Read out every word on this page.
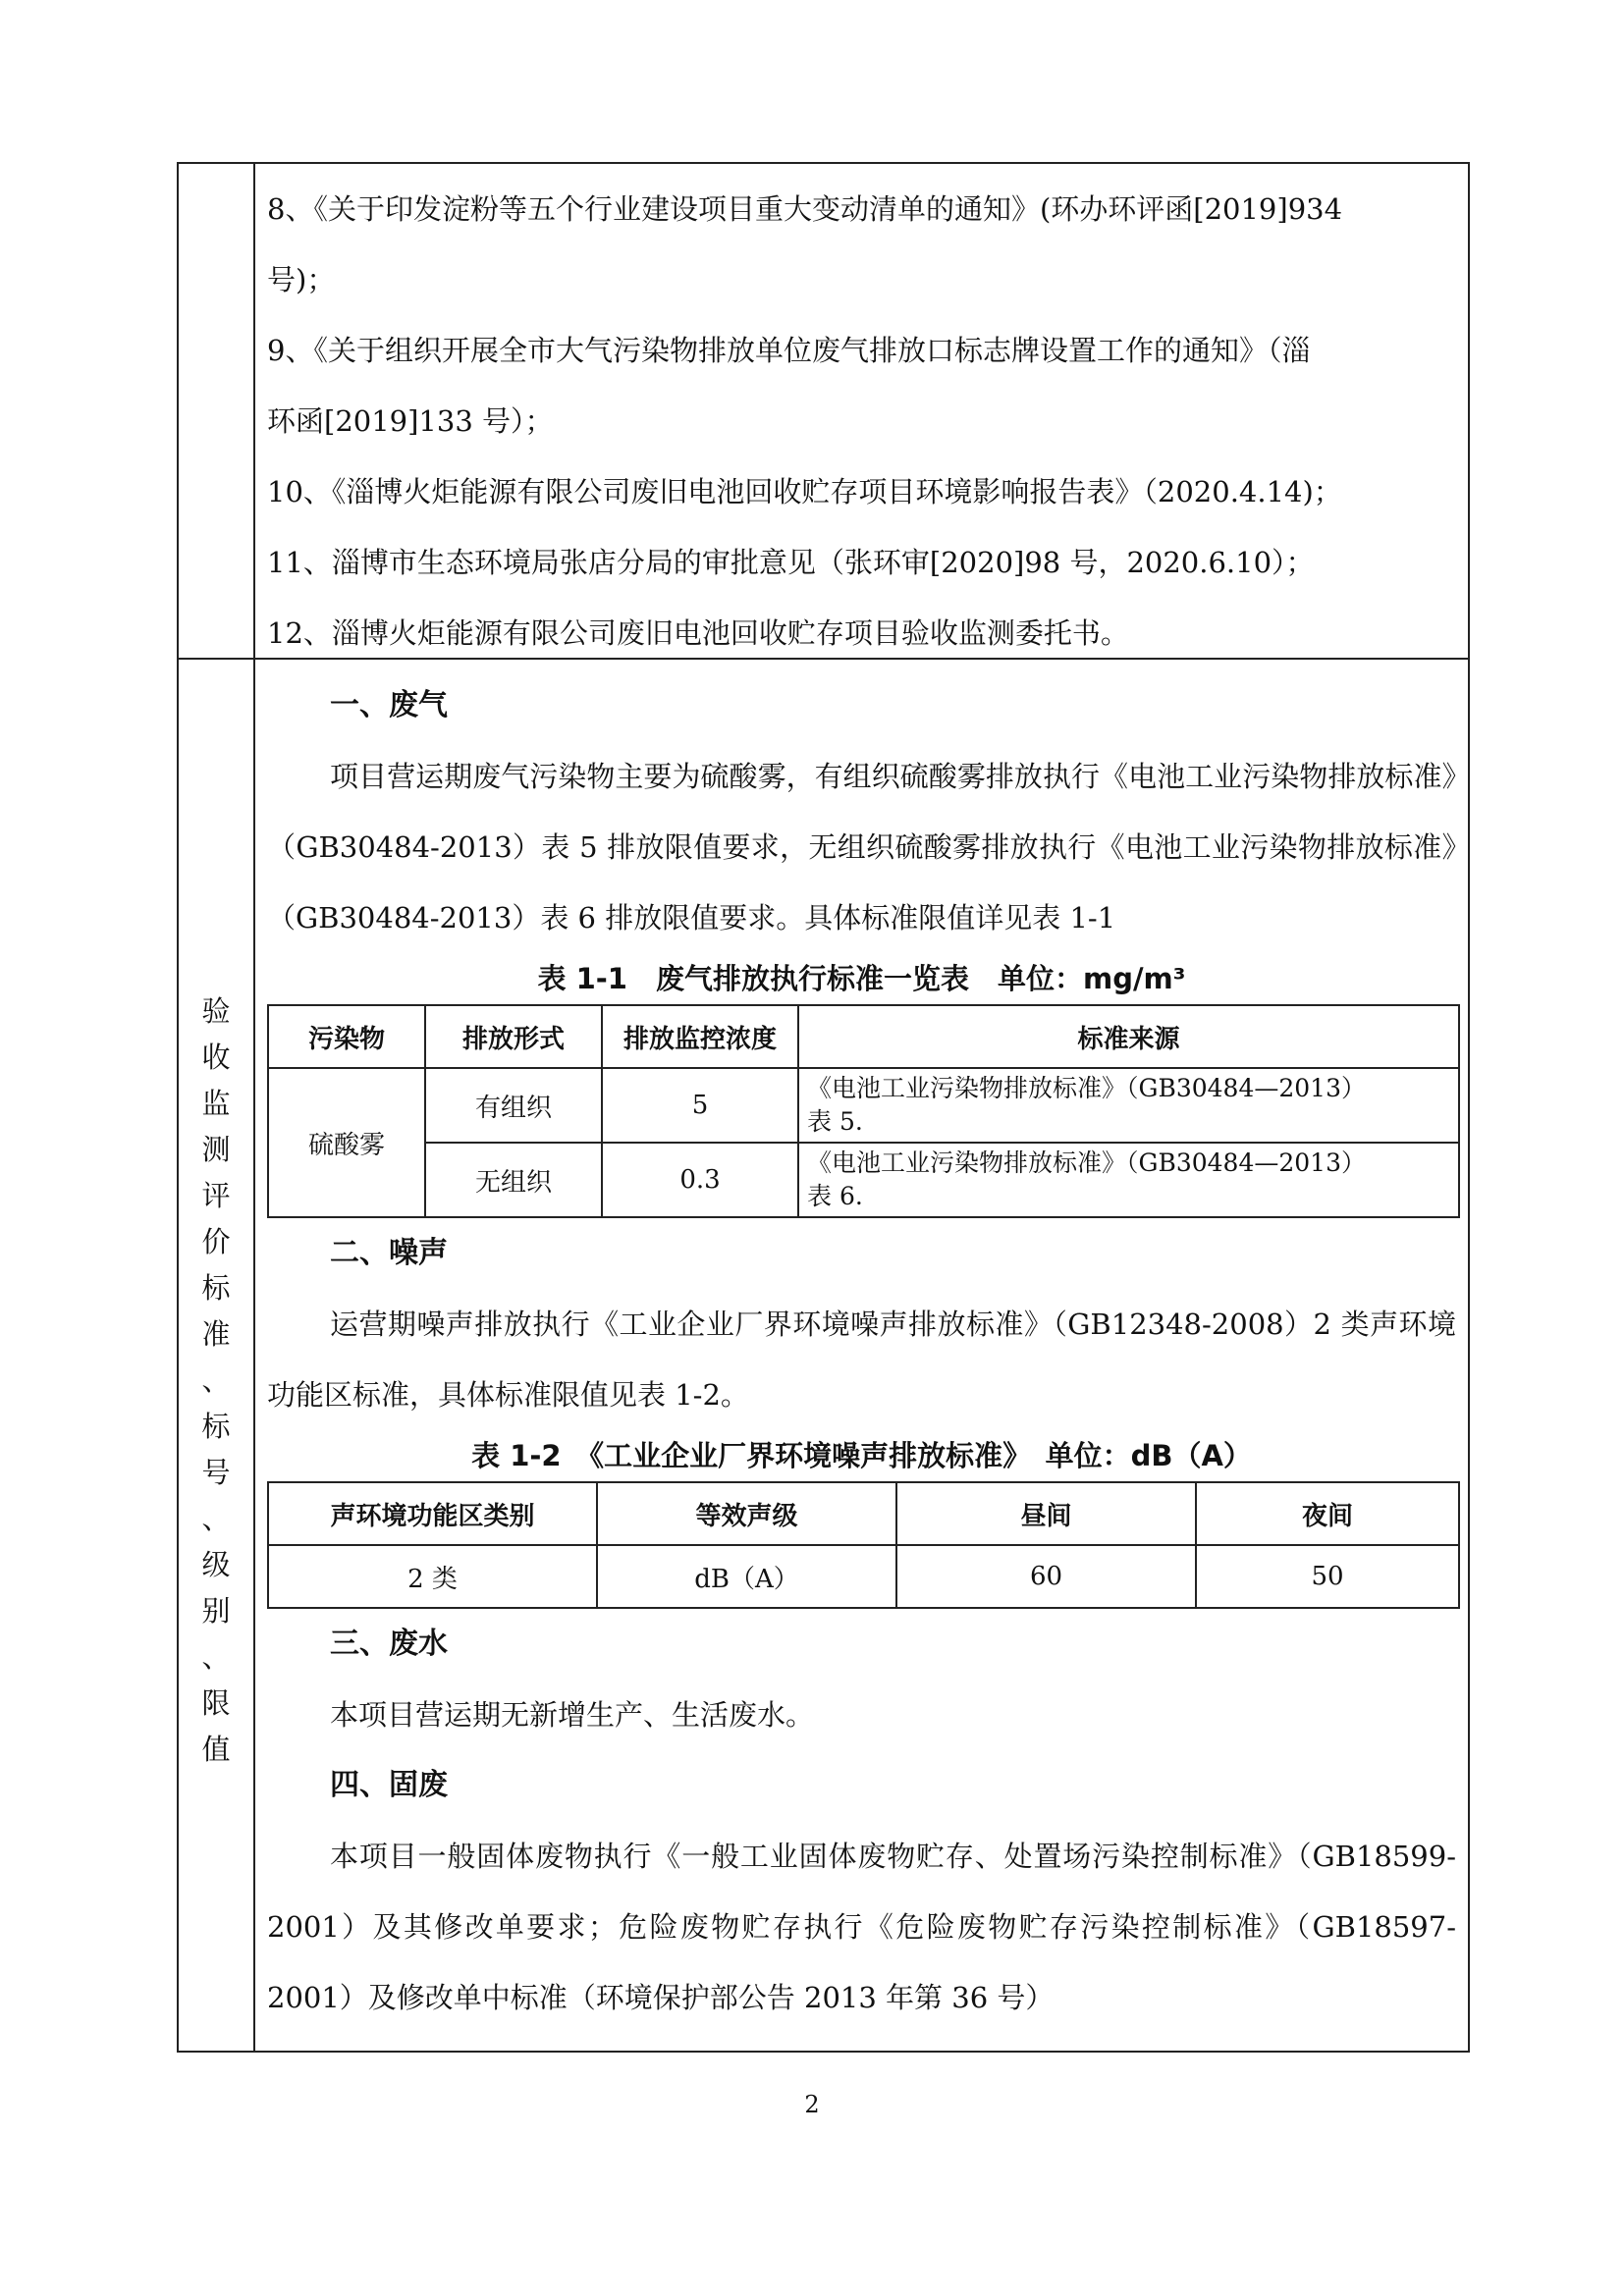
8、《关于印发淀粉等五个行业建设项目重大变动清单的通知》(环办环评函[2019]934

号)；

9、《关于组织开展全市大气污染物排放单位废气排放口标志牌设置工作的通知》（淄

环函[2019]133 号）；

10、《淄博火炬能源有限公司废旧电池回收贮存项目环境影响报告表》（2020.4.14)；

11、淄博市生态环境局张店分局的审批意见（张环审[2020]98 号，2020.6.10）；

12、淄博火炬能源有限公司废旧电池回收贮存项目验收监测委托书。

验
收
监
测
评
价
标
准
、
标
号
、
级
别
、
限
值

一、废气

项目营运期废气污染物主要为硫酸雾，有组织硫酸雾排放执行《电池工业污染物排放标准》（GB30484-2013）表 5 排放限值要求，无组织硫酸雾排放执行《电池工业污染物排放标准》（GB30484-2013）表 6 排放限值要求。具体标准限值详见表 1-1

表 1-1　废气排放执行标准一览表　单位：mg/m³

污染物	排放形式	排放监控浓度	标准来源
硫酸雾	有组织	5	《电池工业污染物排放标准》（GB30484—2013）
表 5.

	无组织	0.3	《电池工业污染物排放标准》（GB30484—2013）
表 6.

二、噪声

运营期噪声排放执行《工业企业厂界环境噪声排放标准》（GB12348-2008）2 类声环境功能区标准，具体标准限值见表 1-2。

表 1-2　《工业企业厂界环境噪声排放标准》　单位：dB（A）

声环境功能区类别	等效声级	昼间	夜间
2 类	dB（A）	60	50

三、废水

本项目营运期无新增生产、生活废水。

四、固废

本项目一般固体废物执行《一般工业固体废物贮存、处置场污染控制标准》（GB18599-2001）及其修改单要求；危险废物贮存执行《危险废物贮存污染控制标准》（GB18597-2001）及修改单中标准（环境保护部公告 2013 年第 36 号）

2
